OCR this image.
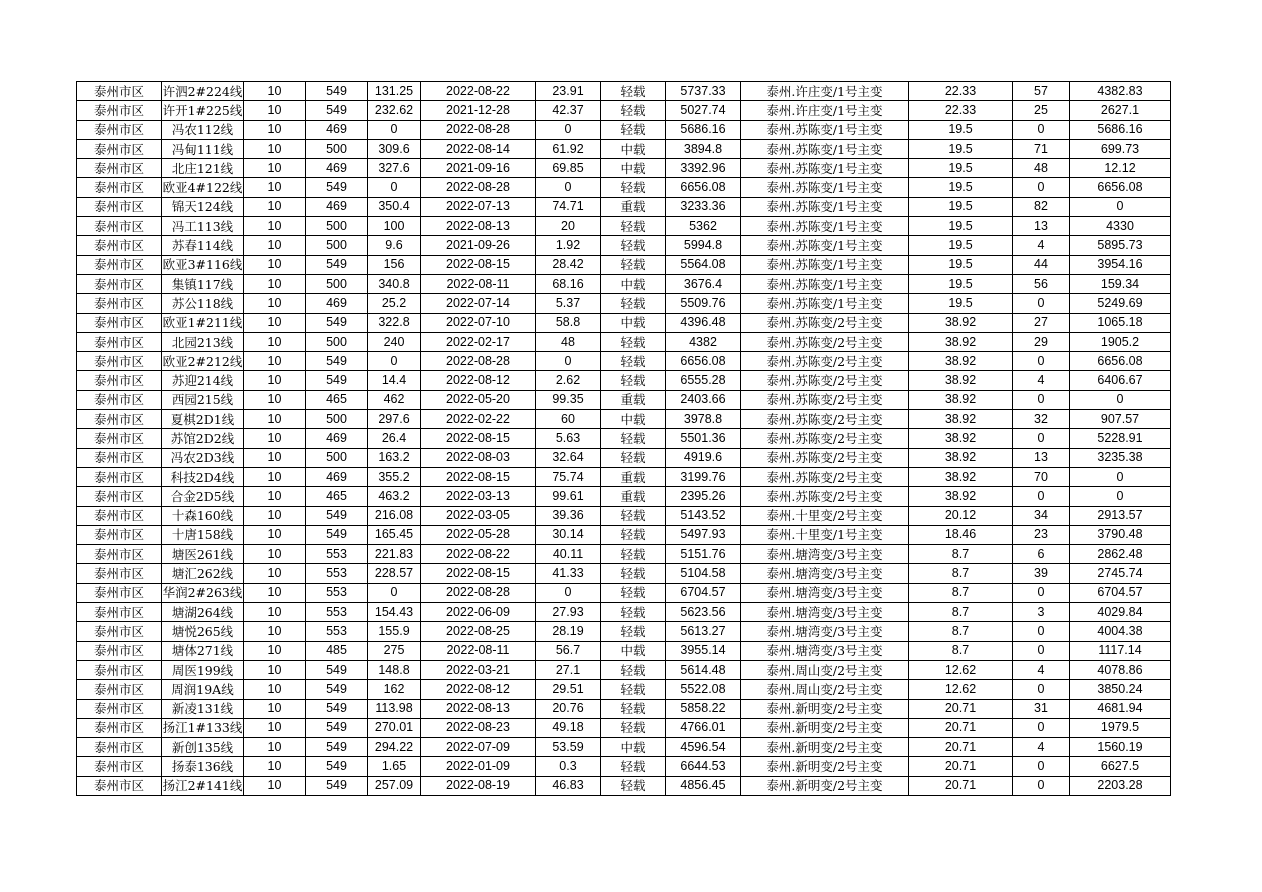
泰州市区	许泗2#224线	10	549	131.25	2022-08-22	23.91	轻载	5737.33	泰州.许庄变/1号主变	22.33	57	4382.83
泰州市区	许开1#225线	10	549	232.62	2021-12-28	42.37	轻载	5027.74	泰州.许庄变/1号主变	22.33	25	2627.1
泰州市区	冯农112线	10	469	0	2022-08-28	0	轻载	5686.16	泰州.苏陈变/1号主变	19.5	0	5686.16
泰州市区	冯甸111线	10	500	309.6	2022-08-14	61.92	中载	3894.8	泰州.苏陈变/1号主变	19.5	71	699.73
泰州市区	北庄121线	10	469	327.6	2021-09-16	69.85	中载	3392.96	泰州.苏陈变/1号主变	19.5	48	12.12
泰州市区	欧亚4#122线	10	549	0	2022-08-28	0	轻载	6656.08	泰州.苏陈变/1号主变	19.5	0	6656.08
泰州市区	锦天124线	10	469	350.4	2022-07-13	74.71	重载	3233.36	泰州.苏陈变/1号主变	19.5	82	0
泰州市区	冯工113线	10	500	100	2022-08-13	20	轻载	5362	泰州.苏陈变/1号主变	19.5	13	4330
泰州市区	苏春114线	10	500	9.6	2021-09-26	1.92	轻载	5994.8	泰州.苏陈变/1号主变	19.5	4	5895.73
泰州市区	欧亚3#116线	10	549	156	2022-08-15	28.42	轻载	5564.08	泰州.苏陈变/1号主变	19.5	44	3954.16
泰州市区	集镇117线	10	500	340.8	2022-08-11	68.16	中载	3676.4	泰州.苏陈变/1号主变	19.5	56	159.34
泰州市区	苏公118线	10	469	25.2	2022-07-14	5.37	轻载	5509.76	泰州.苏陈变/1号主变	19.5	0	5249.69
泰州市区	欧亚1#211线	10	549	322.8	2022-07-10	58.8	中载	4396.48	泰州.苏陈变/2号主变	38.92	27	1065.18
泰州市区	北园213线	10	500	240	2022-02-17	48	轻载	4382	泰州.苏陈变/2号主变	38.92	29	1905.2
泰州市区	欧亚2#212线	10	549	0	2022-08-28	0	轻载	6656.08	泰州.苏陈变/2号主变	38.92	0	6656.08
泰州市区	苏迎214线	10	549	14.4	2022-08-12	2.62	轻载	6555.28	泰州.苏陈变/2号主变	38.92	4	6406.67
泰州市区	西园215线	10	465	462	2022-05-20	99.35	重载	2403.66	泰州.苏陈变/2号主变	38.92	0	0
泰州市区	夏棋2D1线	10	500	297.6	2022-02-22	60	中载	3978.8	泰州.苏陈变/2号主变	38.92	32	907.57
泰州市区	苏馆2D2线	10	469	26.4	2022-08-15	5.63	轻载	5501.36	泰州.苏陈变/2号主变	38.92	0	5228.91
泰州市区	冯农2D3线	10	500	163.2	2022-08-03	32.64	轻载	4919.6	泰州.苏陈变/2号主变	38.92	13	3235.38
泰州市区	科技2D4线	10	469	355.2	2022-08-15	75.74	重载	3199.76	泰州.苏陈变/2号主变	38.92	70	0
泰州市区	合金2D5线	10	465	463.2	2022-03-13	99.61	重载	2395.26	泰州.苏陈变/2号主变	38.92	0	0
泰州市区	十森160线	10	549	216.08	2022-03-05	39.36	轻载	5143.52	泰州.十里变/2号主变	20.12	34	2913.57
泰州市区	十唐158线	10	549	165.45	2022-05-28	30.14	轻载	5497.93	泰州.十里变/1号主变	18.46	23	3790.48
泰州市区	塘医261线	10	553	221.83	2022-08-22	40.11	轻载	5151.76	泰州.塘湾变/3号主变	8.7	6	2862.48
泰州市区	塘汇262线	10	553	228.57	2022-08-15	41.33	轻载	5104.58	泰州.塘湾变/3号主变	8.7	39	2745.74
泰州市区	华润2#263线	10	553	0	2022-08-28	0	轻载	6704.57	泰州.塘湾变/3号主变	8.7	0	6704.57
泰州市区	塘湖264线	10	553	154.43	2022-06-09	27.93	轻载	5623.56	泰州.塘湾变/3号主变	8.7	3	4029.84
泰州市区	塘悦265线	10	553	155.9	2022-08-25	28.19	轻载	5613.27	泰州.塘湾变/3号主变	8.7	0	4004.38
泰州市区	塘体271线	10	485	275	2022-08-11	56.7	中载	3955.14	泰州.塘湾变/3号主变	8.7	0	1117.14
泰州市区	周医199线	10	549	148.8	2022-03-21	27.1	轻载	5614.48	泰州.周山变/2号主变	12.62	4	4078.86
泰州市区	周润19A线	10	549	162	2022-08-12	29.51	轻载	5522.08	泰州.周山变/2号主变	12.62	0	3850.24
泰州市区	新凌131线	10	549	113.98	2022-08-13	20.76	轻载	5858.22	泰州.新明变/2号主变	20.71	31	4681.94
泰州市区	扬江1#133线	10	549	270.01	2022-08-23	49.18	轻载	4766.01	泰州.新明变/2号主变	20.71	0	1979.5
泰州市区	新创135线	10	549	294.22	2022-07-09	53.59	中载	4596.54	泰州.新明变/2号主变	20.71	4	1560.19
泰州市区	扬泰136线	10	549	1.65	2022-01-09	0.3	轻载	6644.53	泰州.新明变/2号主变	20.71	0	6627.5
泰州市区	扬江2#141线	10	549	257.09	2022-08-19	46.83	轻载	4856.45	泰州.新明变/2号主变	20.71	0	2203.28
